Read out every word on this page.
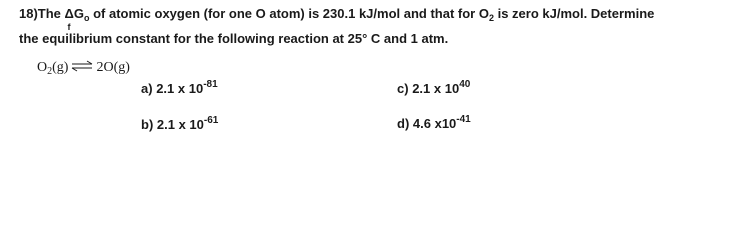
18)The ΔG
f
$_o$ of atomic oxygen (for one O atom) is 230.1 kJ/mol and that for $O_2$ is zero kJ/mol. Determine
the equilibrium constant for the following reaction at 25° C and 1 atm.
$O_2(g)$ ⇌ 2O(g)
a) 2.1 x $10^{-81}$
b) 2.1 x $10^{-61}$
c) 2.1 x $10^{40}$
d) 4.6 $x10^{-41}$
